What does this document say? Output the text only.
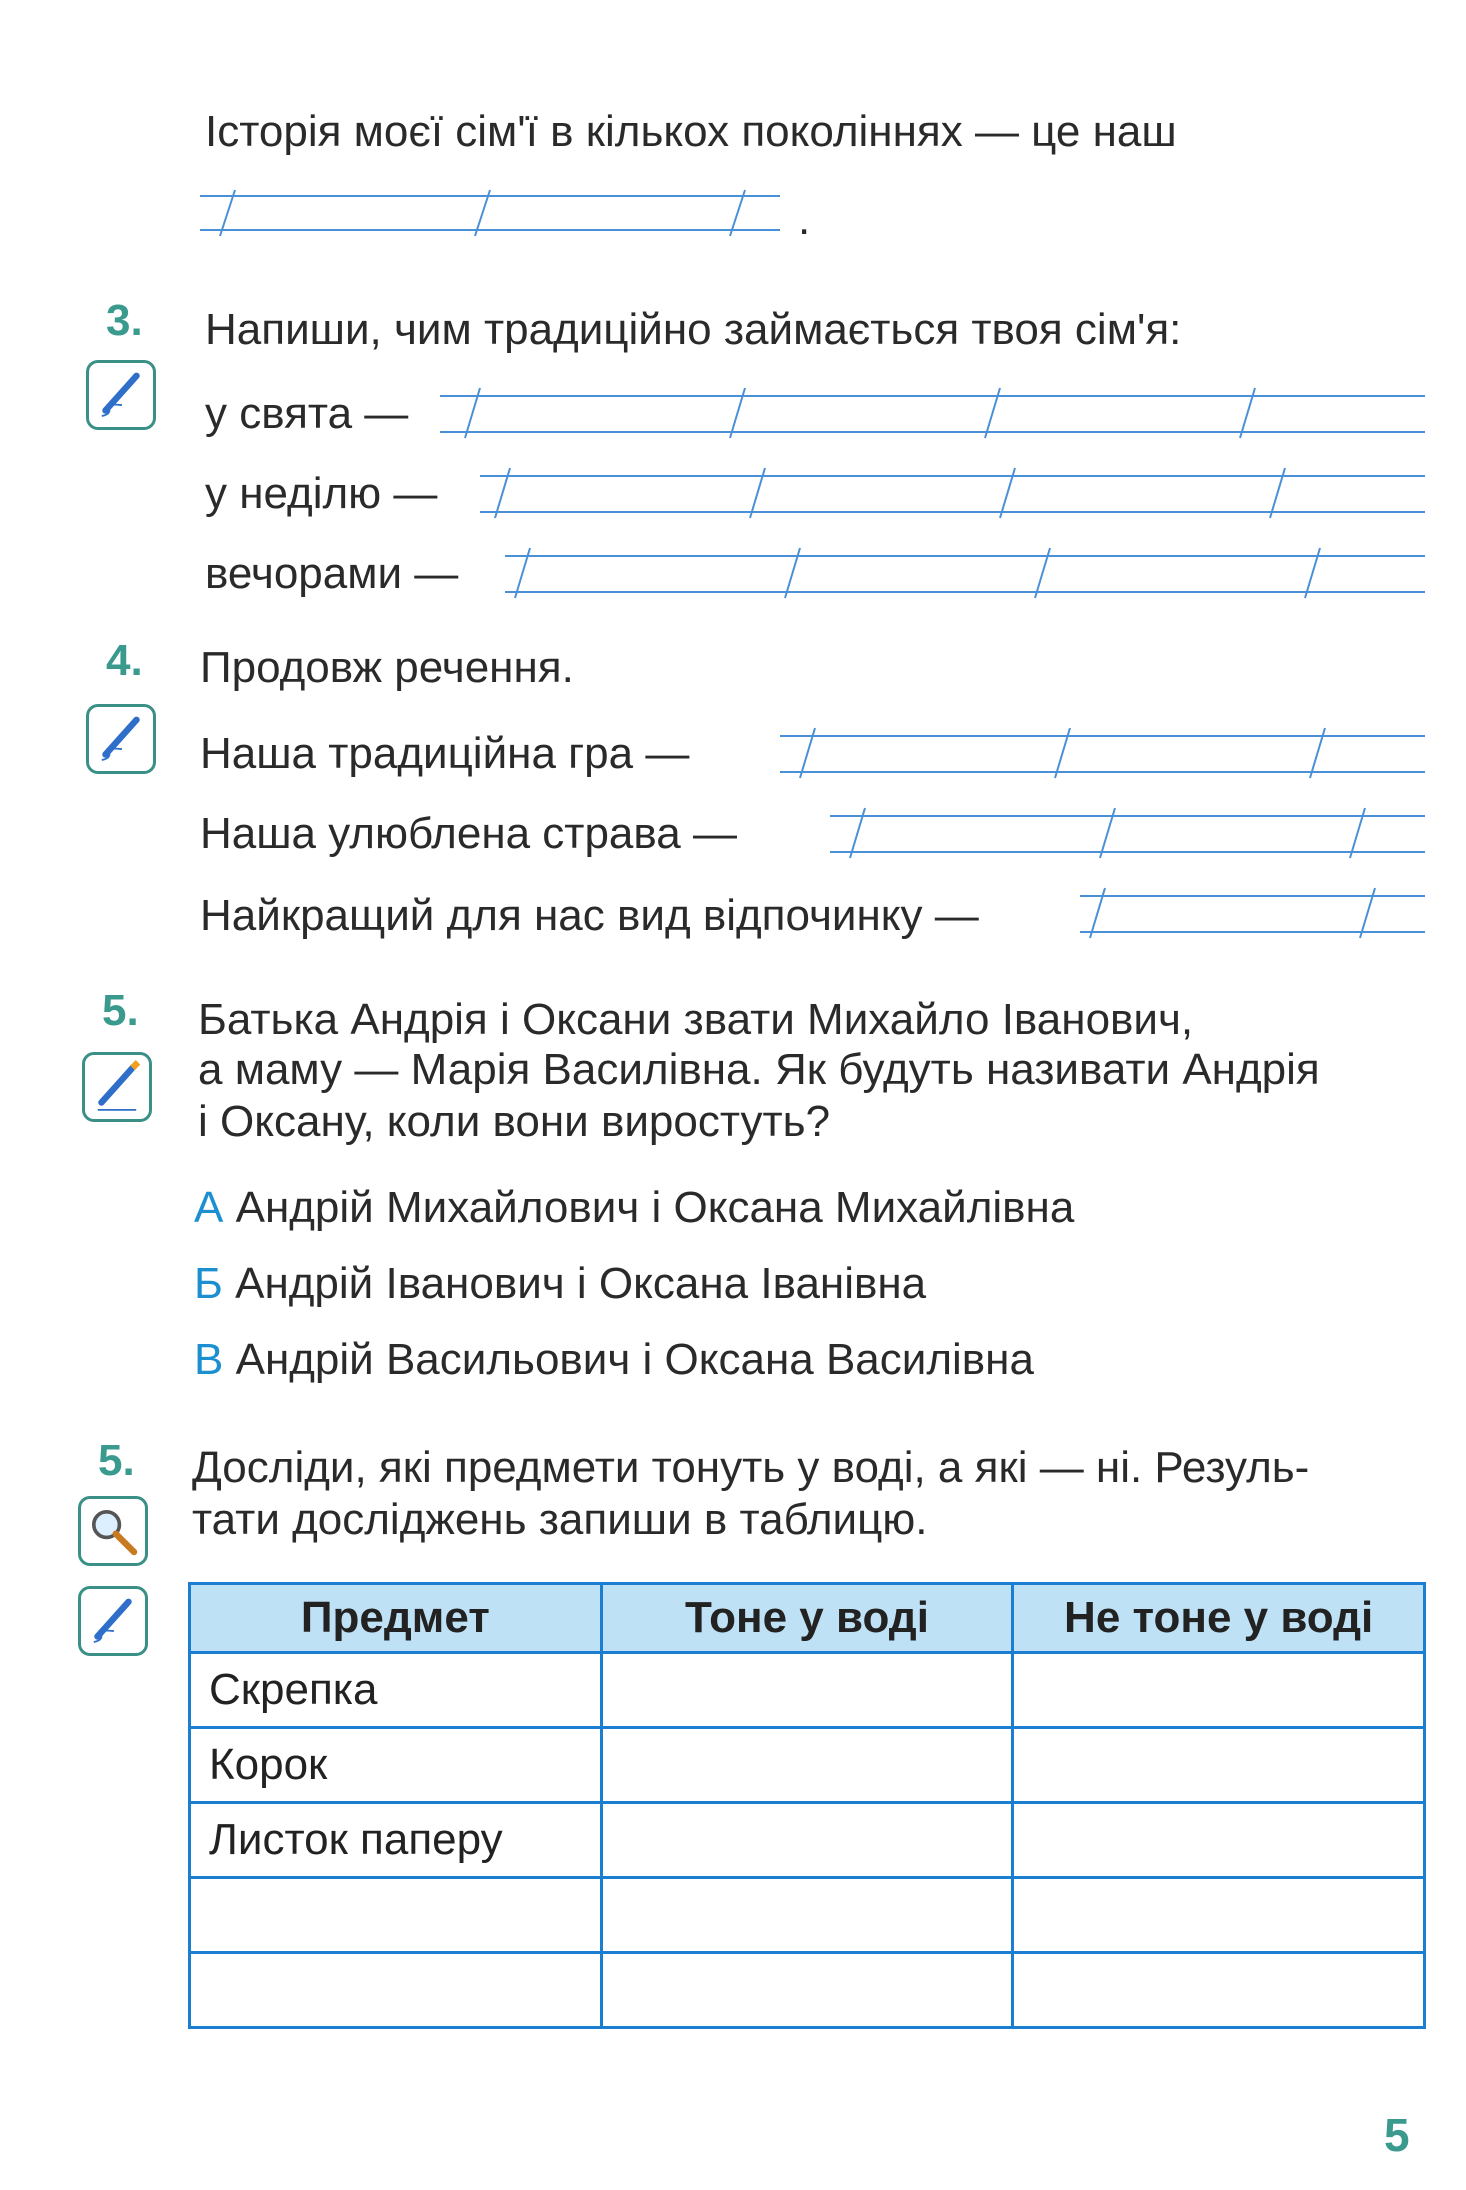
Історія моєї сім'ї в кількох поколіннях — це наш
.
3. Напиши, чим традиційно займається твоя сім'я:
у свята —
у неділю —
вечорами —
4. Продовж речення.
Наша традиційна гра —
Наша улюблена страва —
Найкращий для нас вид відпочинку —
5. Батька Андрія і Оксани звати Михайло Іванович,
а маму — Марія Василівна. Як будуть називати Андрія
і Оксану, коли вони виростуть?
А Андрій Михайлович і Оксана Михайлівна
Б Андрій Іванович і Оксана Іванівна
В Андрій Васильович і Оксана Василівна
5. Досліди, які предмети тонуть у воді, а які — ні. Резуль-
тати досліджень запиши в таблицю.
Предмет	Тоне у воді	Не тоне у воді
Скрепка		
Корок		
Листок паперу		

5
